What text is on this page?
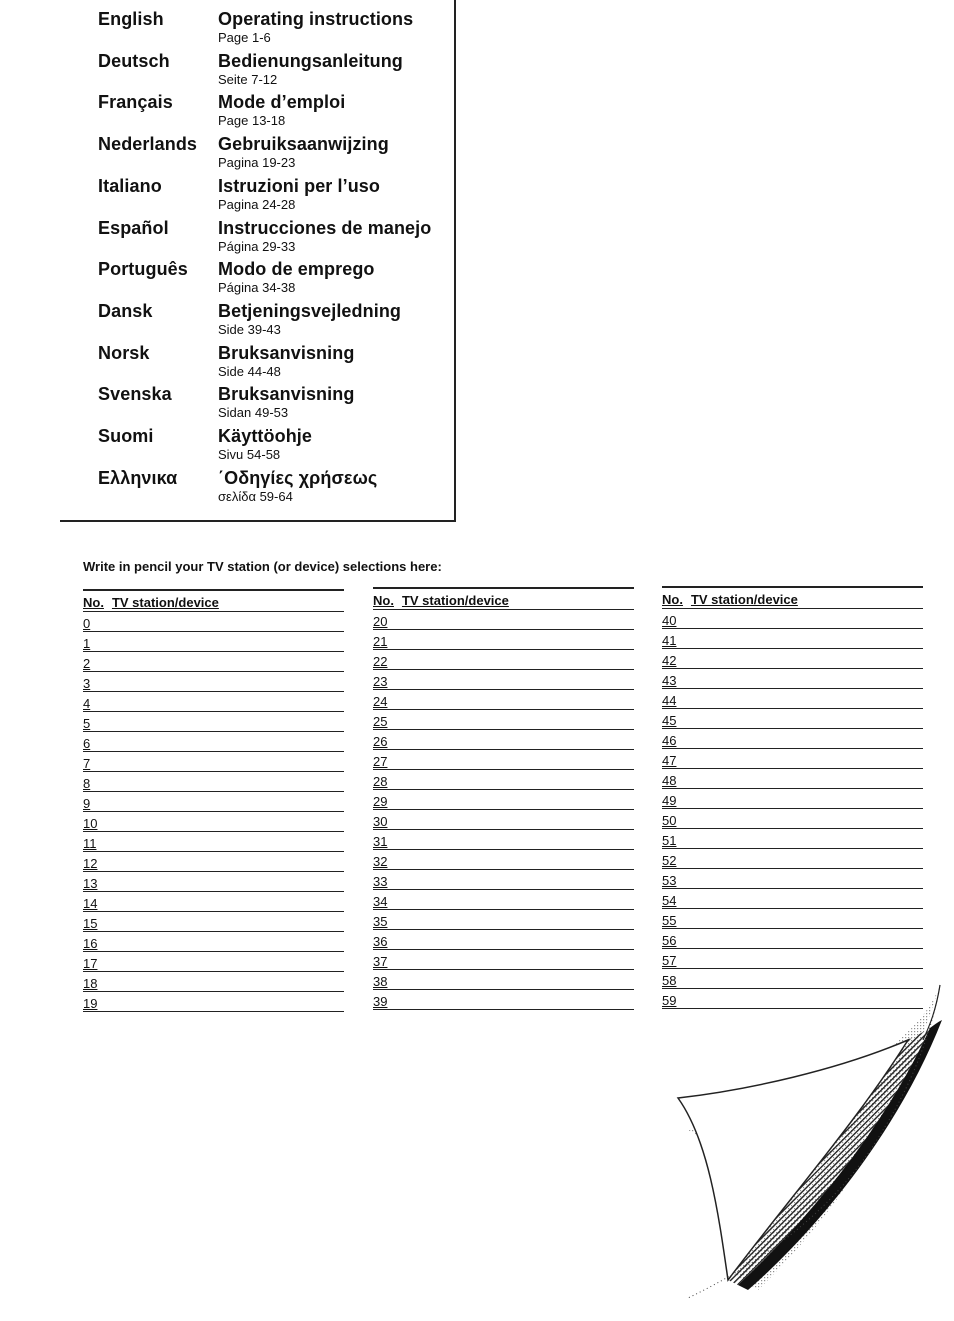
English	Operating instructions
Page 1-6
Deutsch	Bedienungsanleitung
Seite 7-12
Français	Mode d’emploi
Page 13-18
Nederlands Gebruiksaanwijzing
Pagina 19-23
Italiano	Istruzioni per l’uso
Pagina 24-28
Español	Instrucciones de manejo
Página 29-33
Português Modo de emprego
Página 34-38
Dansk	Betjeningsvejledning
Side 39-43
Norsk	Bruksanvisning
Side 44-48
Svenska	Bruksanvisning
Sidan 49-53
Suomi	Käyttöohje
Sivu 54-58
Ελληνικα ΄Οδηγίες χρήσεως
σελίδα 59-64
Write in pencil your TV station (or device) selections here:
No. TV station/device
0
1
2
3
4
5
6
7
8
9
10
11
12
13
14
15
16
17
18
19
No. TV station/device
20
21
22
23
24
25
26
27
28
29
30
31
32
33
34
35
36
37
38
39
No. TV station/device
40
41
42
43
44
45
46
47
48
49
50
51
52
53
54
55
56
57
58
59
